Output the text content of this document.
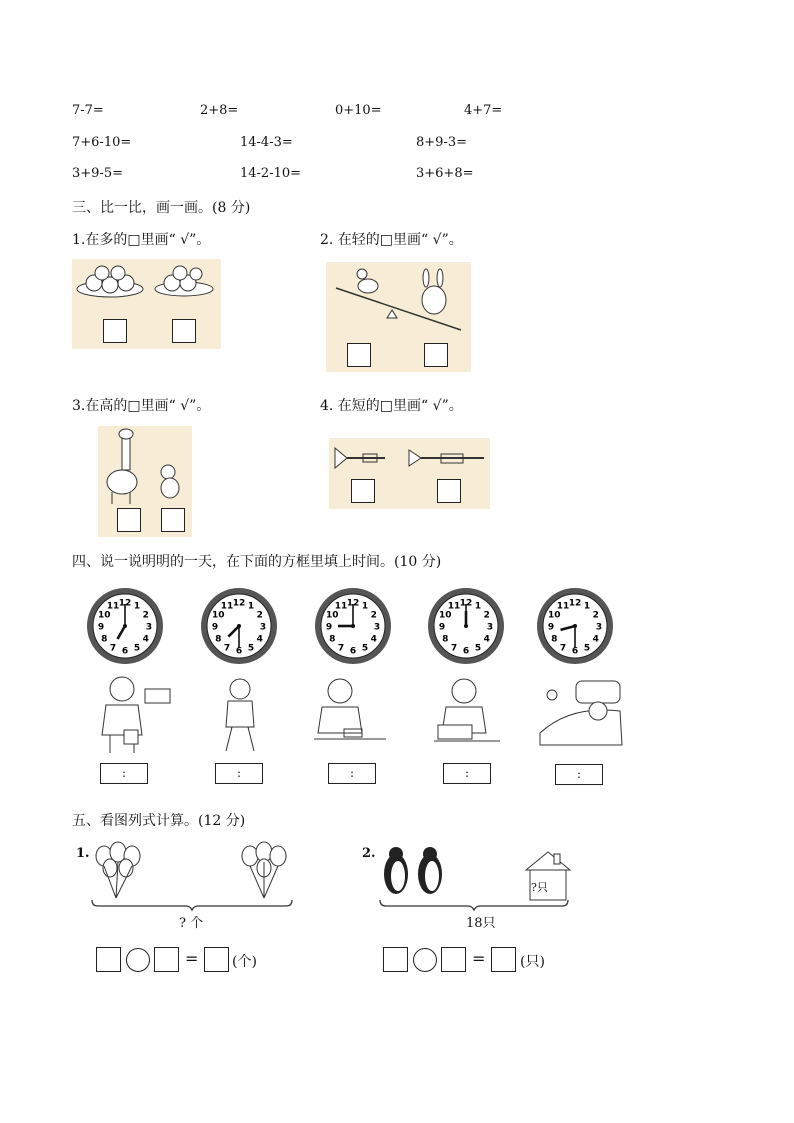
7-7=	2+8=	0+10=	4+7=
7+6-10=	14-4-3=	8+9-3=
3+9-5=	14-2-10=	3+6+8=
三、比一比，画一画。(8 分)
1.在多的□里画“ √”。	2. 在轻的□里画“ √”。
3.在高的□里画“ √”。	4. 在短的□里画“ √”。
四、说一说明明的一天，在下面的方框里填上时间。(10 分)
12 1
2
3
4
5
6
7
8
9
10
11	12 1
2
3
4
5
6
7
8
9
10
11	12 1
2
3
4
5
6
7
8
9
10
11	12 1
2
3
4
5
6
7
8
9
10
11	12 1
2
3
4
5
6
7
8
9
10
11
:	:	:	:	:
五、看图列式计算。(12 分)
1.
? 个
= (个)
2.
?只
18只
= (只)
